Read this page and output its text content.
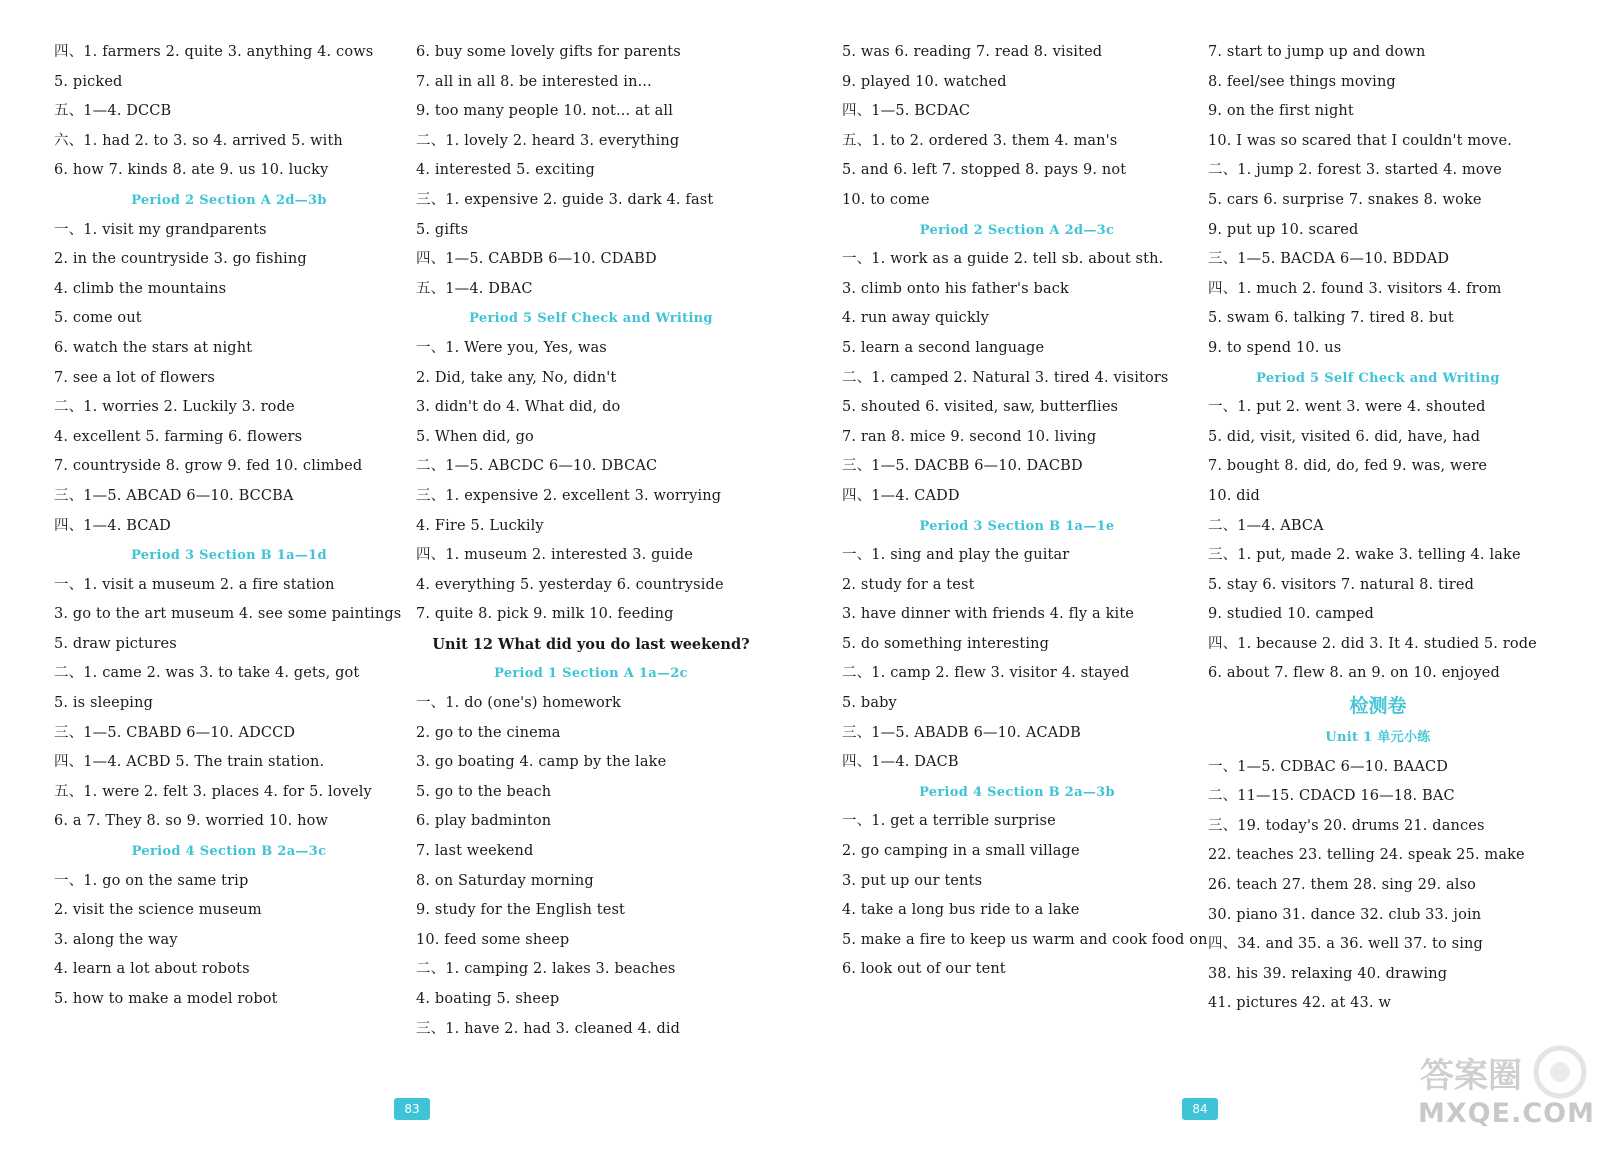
四、1. farmers 2. quite 3. anything 4. cows
5. picked
五、1—4. DCCB
六、1. had 2. to 3. so 4. arrived 5. with
6. how 7. kinds 8. ate 9. us 10. lucky
Period 2 Section A 2d—3b
一、1. visit my grandparents
2. in the countryside 3. go fishing
4. climb the mountains
5. come out
6. watch the stars at night
7. see a lot of flowers
二、1. worries 2. Luckily 3. rode
4. excellent 5. farming 6. flowers
7. countryside 8. grow 9. fed 10. climbed
三、1—5. ABCAD 6—10. BCCBA
四、1—4. BCAD
Period 3 Section B 1a—1d
一、1. visit a museum 2. a fire station
3. go to the art museum 4. see some paintings
5. draw pictures
二、1. came 2. was 3. to take 4. gets, got
5. is sleeping
三、1—5. CBABD 6—10. ADCCD
四、1—4. ACBD 5. The train station.
五、1. were 2. felt 3. places 4. for 5. lovely
6. a 7. They 8. so 9. worried 10. how
Period 4 Section B 2a—3c
一、1. go on the same trip
2. visit the science museum
3. along the way
4. learn a lot about robots
5. how to make a model robot
6. buy some lovely gifts for parents
7. all in all 8. be interested in...
9. too many people 10. not... at all
二、1. lovely 2. heard 3. everything
4. interested 5. exciting
三、1. expensive 2. guide 3. dark 4. fast
5. gifts
四、1—5. CABDB 6—10. CDABD
五、1—4. DBAC
Period 5 Self Check and Writing
一、1. Were you, Yes, was
2. Did, take any, No, didn't
3. didn't do 4. What did, do
5. When did, go
二、1—5. ABCDC 6—10. DBCAC
三、1. expensive 2. excellent 3. worrying
4. Fire 5. Luckily
四、1. museum 2. interested 3. guide
4. everything 5. yesterday 6. countryside
7. quite 8. pick 9. milk 10. feeding
Unit 12 What did you do last weekend?
Period 1 Section A 1a—2c
一、1. do (one's) homework
2. go to the cinema
3. go boating 4. camp by the lake
5. go to the beach
6. play badminton
7. last weekend
8. on Saturday morning
9. study for the English test
10. feed some sheep
二、1. camping 2. lakes 3. beaches
4. boating 5. sheep
三、1. have 2. had 3. cleaned 4. did
83
5. was 6. reading 7. read 8. visited
9. played 10. watched
四、1—5. BCDAC
五、1. to 2. ordered 3. them 4. man's
5. and 6. left 7. stopped 8. pays 9. not
10. to come
Period 2 Section A 2d—3c
一、1. work as a guide 2. tell sb. about sth.
3. climb onto his father's back
4. run away quickly
5. learn a second language
二、1. camped 2. Natural 3. tired 4. visitors
5. shouted 6. visited, saw, butterflies
7. ran 8. mice 9. second 10. living
三、1—5. DACBB 6—10. DACBD
四、1—4. CADD
Period 3 Section B 1a—1e
一、1. sing and play the guitar
2. study for a test
3. have dinner with friends 4. fly a kite
5. do something interesting
二、1. camp 2. flew 3. visitor 4. stayed
5. baby
三、1—5. ABADB 6—10. ACADB
四、1—4. DACB
Period 4 Section B 2a—3b
一、1. get a terrible surprise
2. go camping in a small village
3. put up our tents
4. take a long bus ride to a lake
5. make a fire to keep us warm and cook food on
6. look out of our tent
7. start to jump up and down
8. feel/see things moving
9. on the first night
10. I was so scared that I couldn't move.
二、1. jump 2. forest 3. started 4. move
5. cars 6. surprise 7. snakes 8. woke
9. put up 10. scared
三、1—5. BACDA 6—10. BDDAD
四、1. much 2. found 3. visitors 4. from
5. swam 6. talking 7. tired 8. but
9. to spend 10. us
Period 5 Self Check and Writing
一、1. put 2. went 3. were 4. shouted
5. did, visit, visited 6. did, have, had
7. bought 8. did, do, fed 9. was, were
10. did
二、1—4. ABCA
三、1. put, made 2. wake 3. telling 4. lake
5. stay 6. visitors 7. natural 8. tired
9. studied 10. camped
四、1. because 2. did 3. It 4. studied 5. rode
6. about 7. flew 8. an 9. on 10. enjoyed
检测卷
Unit 1 单元小练
一、1—5. CDBAC 6—10. BAACD
二、11—15. CDACD 16—18. BAC
三、19. today's 20. drums 21. dances
22. teaches 23. telling 24. speak 25. make
26. teach 27. them 28. sing 29. also
30. piano 31. dance 32. club 33. join
四、34. and 35. a 36. well 37. to sing
38. his 39. relaxing 40. drawing
41. pictures 42. at 43. w
84
答案圈
MXQE.COM
